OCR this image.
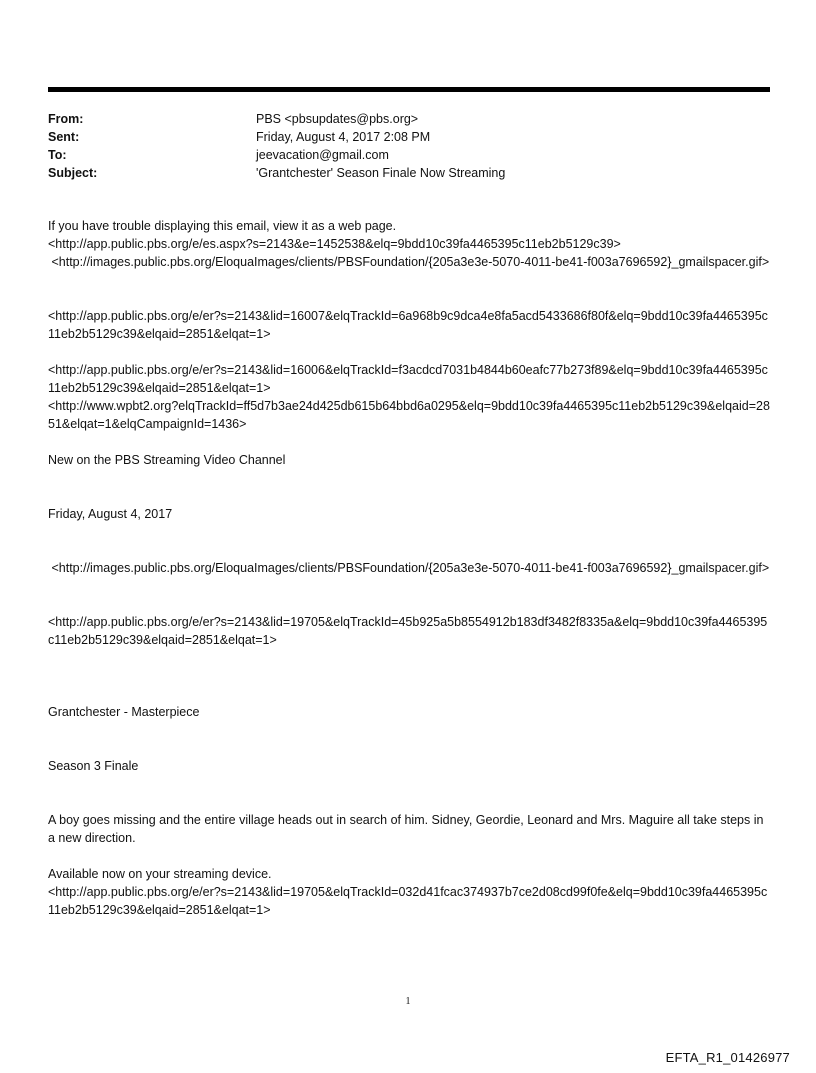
From:	PBS <pbsupdates@pbs.org>
Sent:	Friday, August 4, 2017 2:08 PM
To:	jeevacation@gmail.com
Subject:	'Grantchester' Season Finale Now Streaming

If you have trouble displaying this email, view it as a web page.

<http://app.public.pbs.org/e/es.aspx?s=2143&e=1452538&elq=9bdd10c39fa4465395c11eb2b5129c39>

<http://images.public.pbs.org/EloquaImages/clients/PBSFoundation/{205a3e3e-5070-4011-be41-f003a7696592}_gmailspacer.gif>

<http://app.public.pbs.org/e/er?s=2143&lid=16007&elqTrackId=6a968b9c9dca4e8fa5acd5433686f80f&elq=9bdd10c39fa4465395c11eb2b5129c39&elqaid=2851&elqat=1>

<http://app.public.pbs.org/e/er?s=2143&lid=16006&elqTrackId=f3acdcd7031b4844b60eafc77b273f89&elq=9bdd10c39fa4465395c11eb2b5129c39&elqaid=2851&elqat=1>

<http://www.wpbt2.org?elqTrackId=ff5d7b3ae24d425db615b64bbd6a0295&elq=9bdd10c39fa4465395c11eb2b5129c39&elqaid=2851&elqat=1&elqCampaignId=1436>

New on the PBS Streaming Video Channel

Friday, August 4, 2017

<http://images.public.pbs.org/EloquaImages/clients/PBSFoundation/{205a3e3e-5070-4011-be41-f003a7696592}_gmailspacer.gif>

<http://app.public.pbs.org/e/er?s=2143&lid=19705&elqTrackId=45b925a5b8554912b183df3482f8335a&elq=9bdd10c39fa4465395c11eb2b5129c39&elqaid=2851&elqat=1>

Grantchester - Masterpiece

Season 3 Finale

A boy goes missing and the entire village heads out in search of him. Sidney, Geordie, Leonard and Mrs. Maguire all take steps in a new direction.

Available now on your streaming device.

<http://app.public.pbs.org/e/er?s=2143&lid=19705&elqTrackId=032d41fcac374937b7ce2d08cd99f0fe&elq=9bdd10c39fa4465395c11eb2b5129c39&elqaid=2851&elqat=1>

1
EFTA_R1_01426977
